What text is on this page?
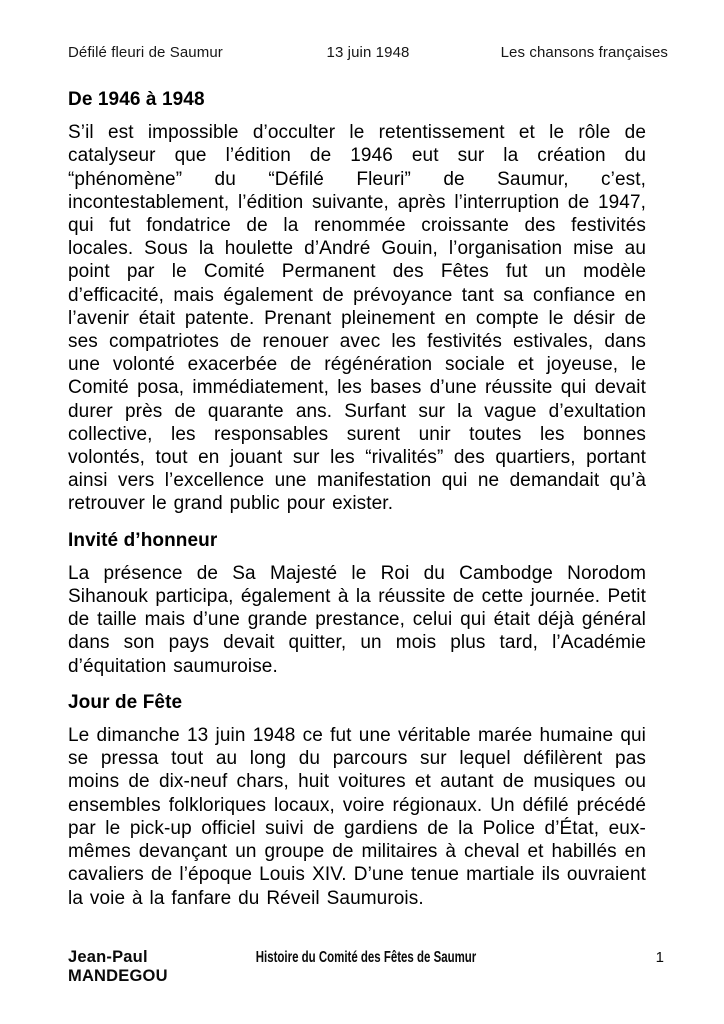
Défilé fleuri de Saumur	13 juin 1948	Les chansons françaises
De 1946 à 1948

S’il est impossible d’occulter le retentissement et le rôle de catalyseur que l’édition de 1946 eut sur la création du “phénomène” du “Défilé Fleuri” de Saumur, c’est, incontestablement, l’édition suivante, après l’interruption de 1947, qui fut fondatrice de la renommée croissante des festivités locales. Sous la houlette d’André Gouin, l’organisation mise au point par le Comité Permanent des Fêtes fut un modèle d’efficacité, mais également de prévoyance tant sa confiance en l’avenir était patente. Prenant pleinement en compte le désir de ses compatriotes de renouer avec les festivités estivales, dans une volonté exacerbée de régénération sociale et joyeuse, le Comité posa, immédiatement, les bases d’une réussite qui devait durer près de quarante ans. Surfant sur la vague d’exultation collective, les responsables surent unir toutes les bonnes volontés, tout en jouant sur les “rivalités” des quartiers, portant ainsi vers l’excellence une manifestation qui ne demandait qu’à retrouver le grand public pour exister.

Invité d’honneur

La présence de Sa Majesté le Roi du Cambodge Norodom Sihanouk participa, également à la réussite de cette journée. Petit de taille mais d’une grande prestance, celui qui était déjà général dans son pays devait quitter, un mois plus tard, l’Académie d’équitation saumuroise.

Jour de Fête

Le dimanche 13 juin 1948 ce fut une véritable marée humaine qui se pressa tout au long du parcours sur lequel défilèrent pas moins de dix-neuf chars, huit voitures et autant de musiques ou ensembles folkloriques locaux, voire régionaux. Un défilé précédé par le pick-up officiel suivi de gardiens de la Police d’État, eux-mêmes devançant un groupe de militaires à cheval et habillés en cavaliers de l’époque Louis XIV. D’une tenue martiale ils ouvraient la voie à la fanfare du Réveil Saumurois.

Jean-Paul MANDEGOU
Histoire du Comité des Fêtes de Saumur	1
